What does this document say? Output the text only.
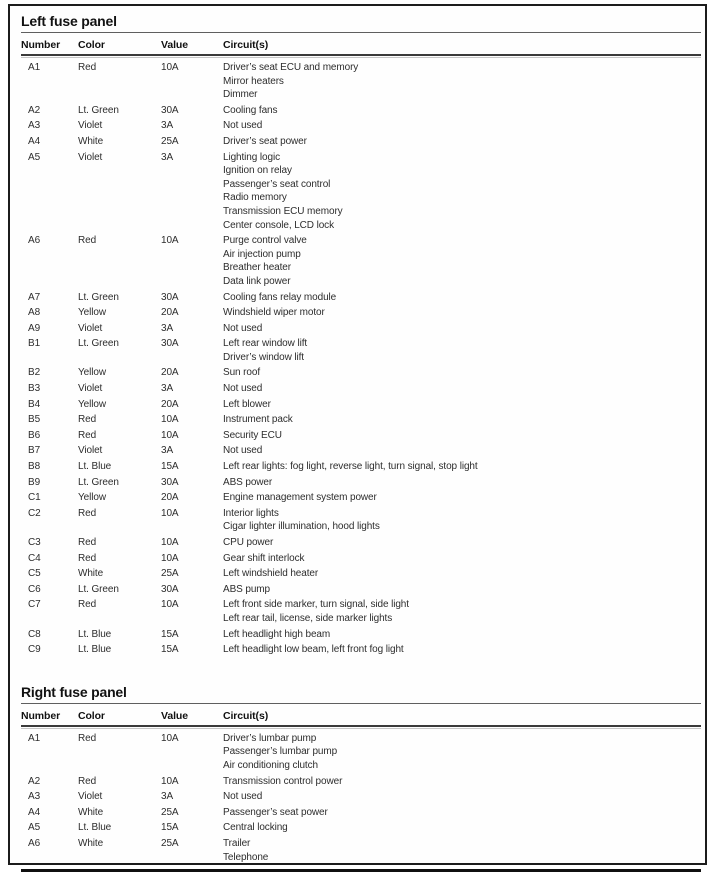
Left fuse panel
Number	Color	Value	Circuit(s)
A1	Red	10A	Driver’s seat ECU and memory
Mirror heaters
Dimmer
A2	Lt. Green	30A	Cooling fans
A3	Violet	3A	Not used
A4	White	25A	Driver’s seat power
A5	Violet	3A	Lighting logic
Ignition on relay
Passenger’s seat control
Radio memory
Transmission ECU memory
Center console, LCD lock
A6	Red	10A	Purge control valve
Air injection pump
Breather heater
Data link power
A7	Lt. Green	30A	Cooling fans relay module
A8	Yellow	20A	Windshield wiper motor
A9	Violet	3A	Not used
B1	Lt. Green	30A	Left rear window lift
Driver’s window lift
B2	Yellow	20A	Sun roof
B3	Violet	3A	Not used
B4	Yellow	20A	Left blower
B5	Red	10A	Instrument pack
B6	Red	10A	Security ECU
B7	Violet	3A	Not used
B8	Lt. Blue	15A	Left rear lights: fog light, reverse light, turn signal, stop light
B9	Lt. Green	30A	ABS power
C1	Yellow	20A	Engine management system power
C2	Red	10A	Interior lights
Cigar lighter illumination, hood lights
C3	Red	10A	CPU power
C4	Red	10A	Gear shift interlock
C5	White	25A	Left windshield heater
C6	Lt. Green	30A	ABS pump
C7	Red	10A	Left front side marker, turn signal, side light
Left rear tail, license, side marker lights
C8	Lt. Blue	15A	Left headlight high beam
C9	Lt. Blue	15A	Left headlight low beam, left front fog light
Right fuse panel
Number	Color	Value	Circuit(s)
A1	Red	10A	Driver’s lumbar pump
Passenger’s lumbar pump
Air conditioning clutch
A2	Red	10A	Transmission control power
A3	Violet	3A	Not used
A4	White	25A	Passenger’s seat power
A5	Lt. Blue	15A	Central locking
A6	White	25A	Trailer
Telephone
